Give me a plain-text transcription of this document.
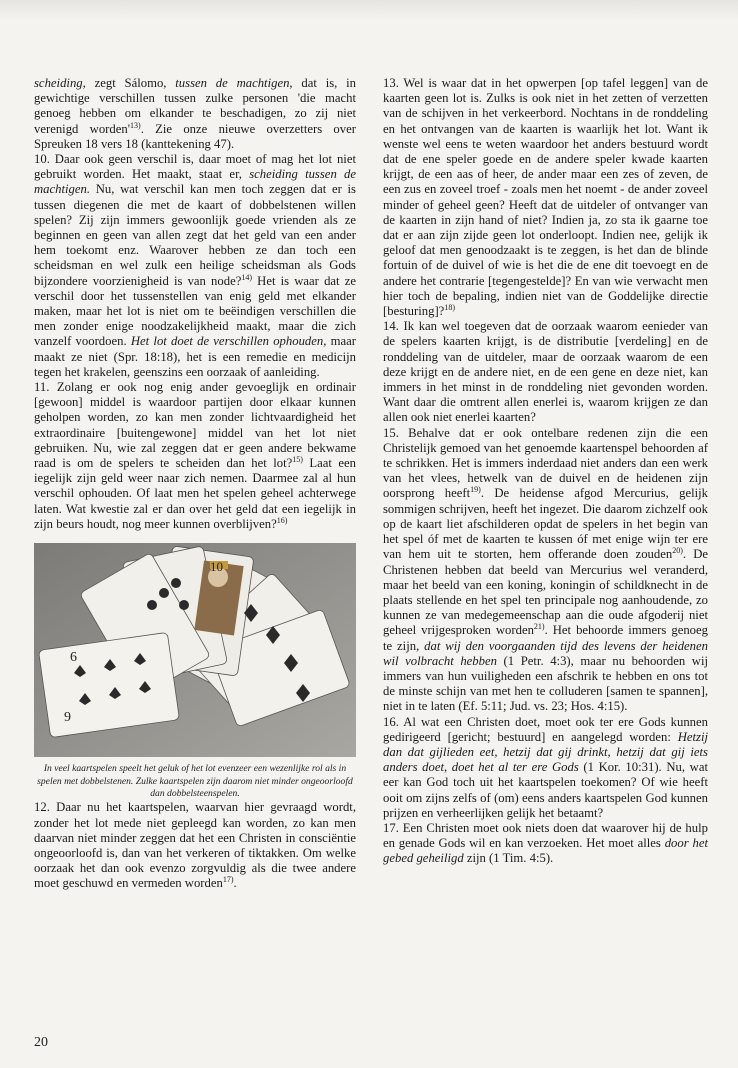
scheiding, zegt Sálomo, tussen de machtigen, dat is, in gewichtige verschillen tussen zulke personen 'die macht genoeg hebben om elkander te beschadigen, zo zij niet verenigd $worden'^{13)}$. Zie onze nieuwe overzetters over Spreuken 18 vers 18 (kanttekening 47).

10. Daar ook geen verschil is, daar moet of mag het lot niet gebruikt worden. Het maakt, staat er, scheiding tussen de machtigen. Nu, wat verschil kan men toch zeggen dat er is tussen diegenen die met de kaart of dobbelstenen willen spelen? Zij zijn immers gewoonlijk goede vrienden als ze beginnen en geen van allen zegt dat het geld van een ander hem toekomt enz. Waarover hebben ze dan toch een scheidsman en wel zulk een heilige scheidsman als Gods bijzondere voorzienigheid is van node?$^{14)}$ Het is waar dat ze verschil door het tussenstellen van enig geld met elkander maken, maar het lot is niet om te beëindigen verschillen die men zonder enige noodzakelijkheid maakt, maar die zich vanzelf voordoen. Het lot doet de verschillen ophouden, maar maakt ze niet (Spr. 18:18), het is een remedie en medicijn tegen het krakelen, geenszins een oorzaak of aanleiding.

11. Zolang er ook nog enig ander gevoeglijk en ordinair [gewoon] middel is waardoor partijen door elkaar kunnen geholpen worden, zo kan men zonder lichtvaardigheid het extraordinaire [buitengewone] middel van het lot niet gebruiken. Nu, wie zal zeggen dat er geen andere bekwame raad is om de spelers te scheiden dan het lot?$^{15)}$ Laat een iegelijk zijn geld weer naar zich nemen. Daarmee zal al hun verschil ophouden. Of laat men het spelen geheel achterwege laten. Wat kwestie zal er dan over het geld dat een iegelijk in zijn beurs houdt, nog meer kunnen overblijven?$^{16)}$

6
9
10

In veel kaartspelen speelt het geluk of het lot evenzeer een wezenlijke rol als in spelen met dobbelstenen. Zulke kaartspelen zijn daarom niet minder ongeoorloofd dan dobbelsteenspelen.

12. Daar nu het kaartspelen, waarvan hier gevraagd wordt, zonder het lot mede niet gepleegd kan worden, zo kan men daarvan niet minder zeggen dat het een Christen in consciëntie ongeoorloofd is, dan van het verkeren of tiktakken. Om welke oorzaak het dan ook evenzo zorgvuldig als die twee andere moet geschuwd en vermeden worden$^{17)}$.

13. Wel is waar dat in het opwerpen [op tafel leggen] van de kaarten geen lot is. Zulks is ook niet in het zetten of verzetten van de schijven in het verkeerbord. Nochtans in de ronddeling en het ontvangen van de kaarten is waarlijk het lot. Want ik wenste wel eens te weten waardoor het anders bestuurd wordt dat de ene speler goede en de andere speler kwade kaarten krijgt, de een aas of heer, de ander maar een zes of zeven, de een zus en zoveel troef - zoals men het noemt - de ander zoveel minder of geheel geen? Heeft dat de uitdeler of ontvanger van de kaarten in zijn hand of niet? Indien ja, zo sta ik gaarne toe dat er aan zijn zijde geen lot onderloopt. Indien nee, gelijk ik geloof dat men genoodzaakt is te zeggen, is het dan de blinde fortuin of de duivel of wie is het die de ene dit toevoegt en de andere het contrarie [tegengestelde]? En van wie verwacht men hier toch de bepaling, indien niet van de Goddelijke directie [besturing]?$^{18)}$

14. Ik kan wel toegeven dat de oorzaak waarom eenieder van de spelers kaarten krijgt, is de distributie [verdeling] en de ronddeling van de uitdeler, maar de oorzaak waarom de een deze krijgt en de andere niet, en de een gene en deze niet, kan immers in het minst in de ronddeling niet gevonden worden. Want daar die omtrent allen enerlei is, waarom krijgen ze dan allen ook niet enerlei kaarten?

15. Behalve dat er ook ontelbare redenen zijn die een Christelijk gemoed van het genoemde kaartenspel behoorden af te schrikken. Het is immers inderdaad niet anders dan een werk van het vlees, hetwelk van de duivel en de heidenen zijn oorsprong heeft$^{19)}$. De heidense afgod Mercurius, gelijk sommigen schrijven, heeft het ingezet. Die daarom zichzelf ook op de kaart liet afschilderen opdat de spelers in het begin van het spel óf met de kaarten te kussen óf met enige wijn ter ere van hem uit te storten, hem offerande doen zouden$^{20)}$. De Christenen hebben dat beeld van Mercurius wel veranderd, maar het beeld van een koning, koningin of schildknecht in de plaats stellende en het spel ten principale nog aanhoudende, zo kunnen ze van medegemeenschap aan die oude afgoderij niet geheel vrijgesproken worden$^{21)}$. Het behoorde immers genoeg te zijn, dat wij den voorgaanden tijd des levens der heidenen wil volbracht hebben (1 Petr. 4:3), maar nu behoorden wij immers van hun vuiligheden een afschrik te hebben en ons tot de minste schijn van met hen te colluderen [samen te spannen], niet in te laten (Ef. 5:11; Jud. vs. 23; Hos. 4:15).

16. Al wat een Christen doet, moet ook ter ere Gods kunnen gedirigeerd [gericht; bestuurd] en aangelegd worden: Hetzij dan dat gijlieden eet, hetzij dat gij drinkt, hetzij dat gij iets anders doet, doet het al ter ere Gods (1 Kor. 10:31). Nu, wat eer kan God toch uit het kaartspelen toekomen? Of wie heeft ooit om zijns zelfs of (om) eens anders kaartspelen God kunnen prijzen en verheerlijken gelijk het betaamt?

17. Een Christen moet ook niets doen dat waarover hij de hulp en genade Gods wil en kan verzoeken. Het moet alles door het gebed geheiligd zijn (1 Tim. 4:5).

20
